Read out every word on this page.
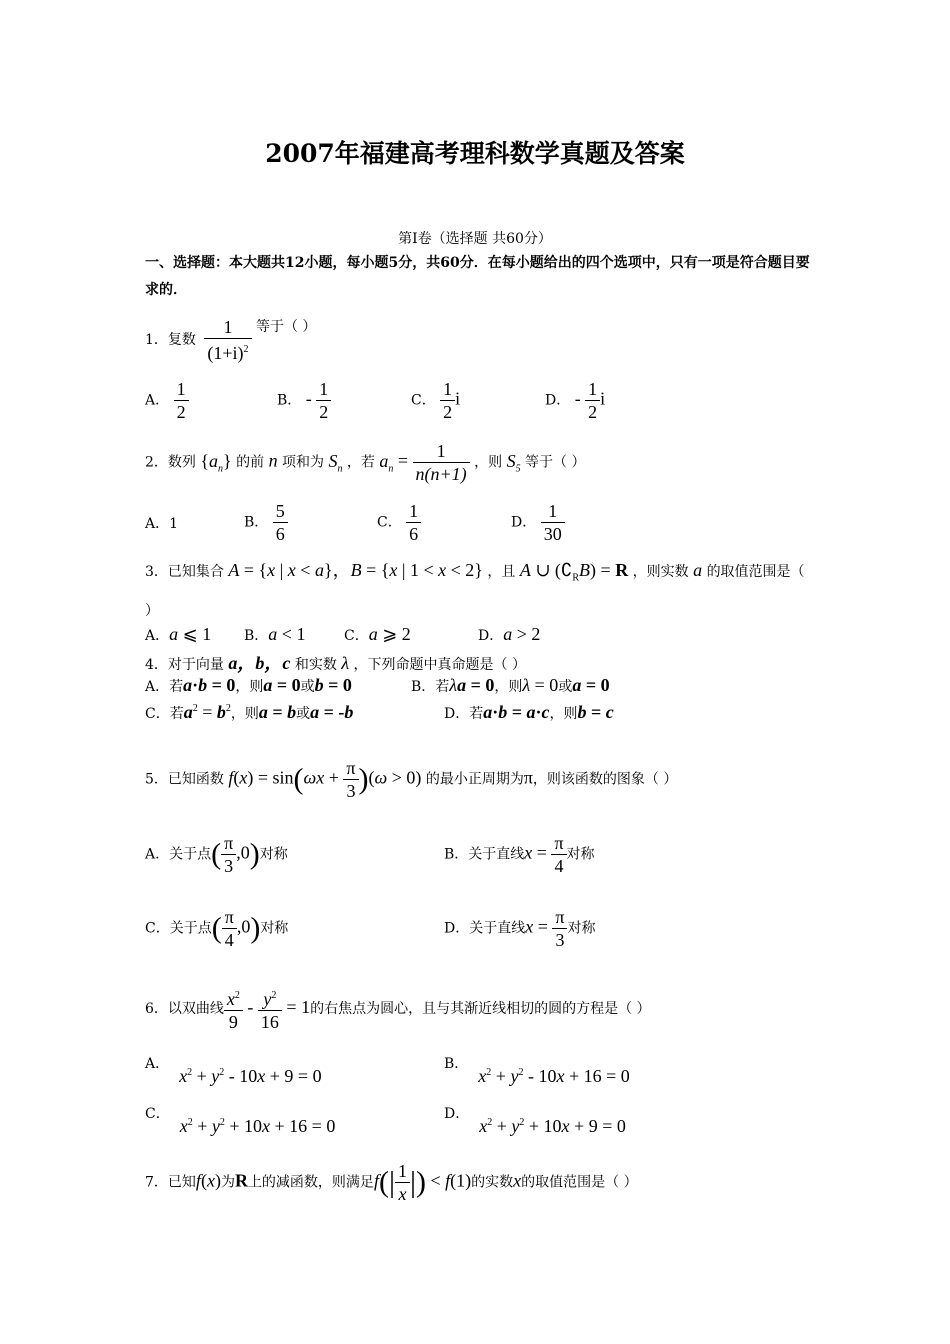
2007年福建高考理科数学真题及答案
第Ⅰ卷（选择题 共60分）
一、选择题：本大题共12小题，每小题5分，共60分．在每小题给出的四个选项中，只有一项是符合题目要求的．
1．复数 $\frac{1}{(1+i)^2}$ 等于（ ）
A． $\frac{1}{2}$	B． - $\frac{1}{2}$	C． $\frac{1}{2}$ i	D． - $\frac{1}{2}$ i
2．数列 $\{a_n\}$ 的前 n 项和为 $S_n$ ，若 $a_n = \frac{1}{n(n+1)}$ ，则 $S_5$ 等于（ ）
A．1	B． $\frac{5}{6}$	C． $\frac{1}{6}$	D． $\frac{1}{30}$
3．已知集合 A = {x | x < a}，B = {x | 1 < x < 2} ，且 A ∪ $(∁_RB) = R$ ，则实数 a 的取值范围是（
）
A．a ⩽ 1 B．a < 1	C．a ⩾ 2	D．a > 2
4．对于向量 a，b，c 和实数 λ ，下列命题中真命题是（ ）
A．若a·b = 0，则a = 0或b = 0	B．若λa = 0，则λ = 0或a = 0
C．若$a^2 = b^2$，则a = b或a = -b	D．若a·b = a·c，则b = c
5．已知函数 $f(x) = \sin(\omega x + \frac{\pi}{3} )(\omega > 0)$ 的最小正周期为π，则该函数的图象（ ）
A．关于点( $\frac{\pi}{3} ,0$)对称	B．关于直线$x = \frac{\pi}{4}$ 对称
C．关于点( $\frac{\pi}{4} ,0$)对称	D．关于直线$x = \frac{\pi}{3}$ 对称
6．以双曲线 $\frac{x^2}{9} - \frac{y^2}{16} = 1$的右焦点为圆心，且与其渐近线相切的圆的方程是（ ）
A．$x^2 + y^2 - 10x + 9 = 0$
B．$x^2 + y^2 - 10x + 16 = 0$
C．$x^2 + y^2 + 10x + 16 = 0$
D．$x^2 + y^2 + 10x + 9 = 0$
7．已知f(x)为R上的减函数，则满足$f(| \frac{1}{x}$ |) < f(1)的实数x的取值范围是（ ）
